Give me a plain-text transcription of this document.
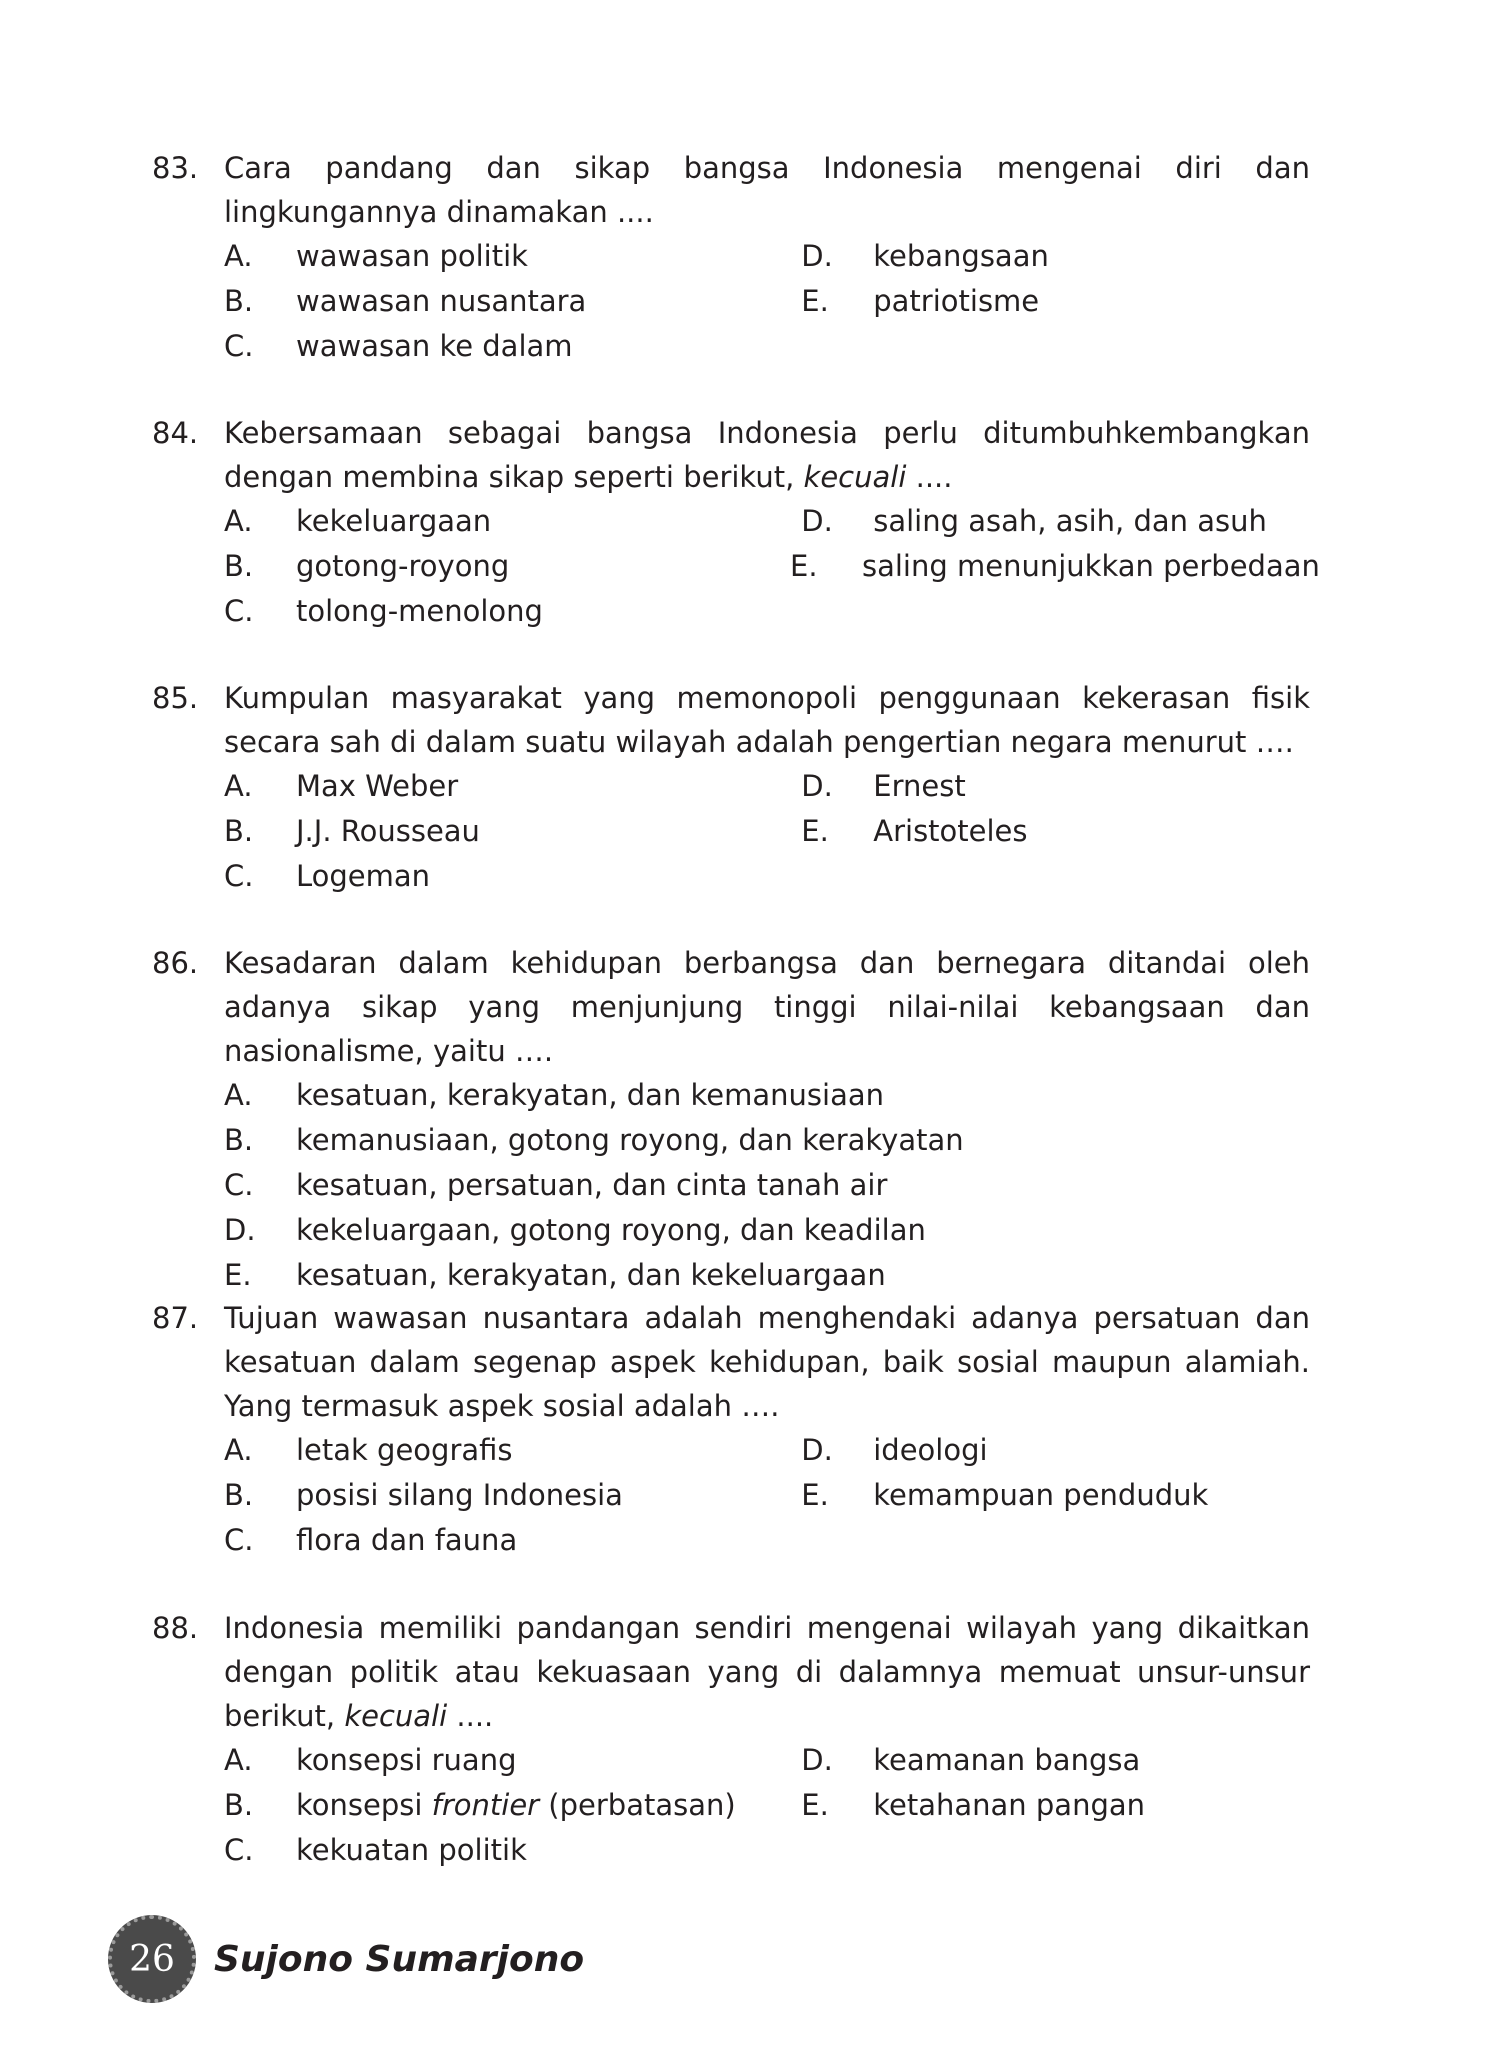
83. Cara pandang dan sikap bangsa Indonesia mengenai diri dan lingkungannya dinamakan ....
A.	wawasan politik	D.	kebangsaan
B.	wawasan nusantara	E.	patriotisme
C.	wawasan ke dalam
84. Kebersamaan sebagai bangsa Indonesia perlu ditumbuhkembangkan dengan membina sikap seperti berikut, kecuali ....
A.	kekeluargaan	D.	saling asah, asih, dan asuh
B.	gotong-royong	E.	saling menunjukkan perbedaan
C.	tolong-menolong
85. Kumpulan masyarakat yang memonopoli penggunaan kekerasan fisik secara sah di dalam suatu wilayah adalah pengertian negara menurut ….
A.	Max Weber	D.	Ernest
B.	J.J. Rousseau	E.	Aristoteles
C.	Logeman
86. Kesadaran dalam kehidupan berbangsa dan bernegara ditandai oleh adanya sikap yang menjunjung tinggi nilai-nilai kebangsaan dan nasionalisme, yaitu ….
A.	kesatuan, kerakyatan, dan kemanusiaan
B.	kemanusiaan, gotong royong, dan kerakyatan
C.	kesatuan, persatuan, dan cinta tanah air
D.	kekeluargaan, gotong royong, dan keadilan
E.	kesatuan, kerakyatan, dan kekeluargaan
87. Tujuan wawasan nusantara adalah menghendaki adanya persatuan dan kesatuan dalam segenap aspek kehidupan, baik sosial maupun alamiah. Yang termasuk aspek sosial adalah ….
A.	letak geografis	D.	ideologi
B.	posisi silang Indonesia	E.	kemampuan penduduk
C.	flora dan fauna
88. Indonesia memiliki pandangan sendiri mengenai wilayah yang dikaitkan dengan politik atau kekuasaan yang di dalamnya memuat unsur-unsur berikut, kecuali ....
A.	konsepsi ruang	D.	keamanan bangsa
B.	konsepsi frontier (perbatasan) E.	ketahanan pangan
C.	kekuatan politik
26 Sujono Sumarjono
